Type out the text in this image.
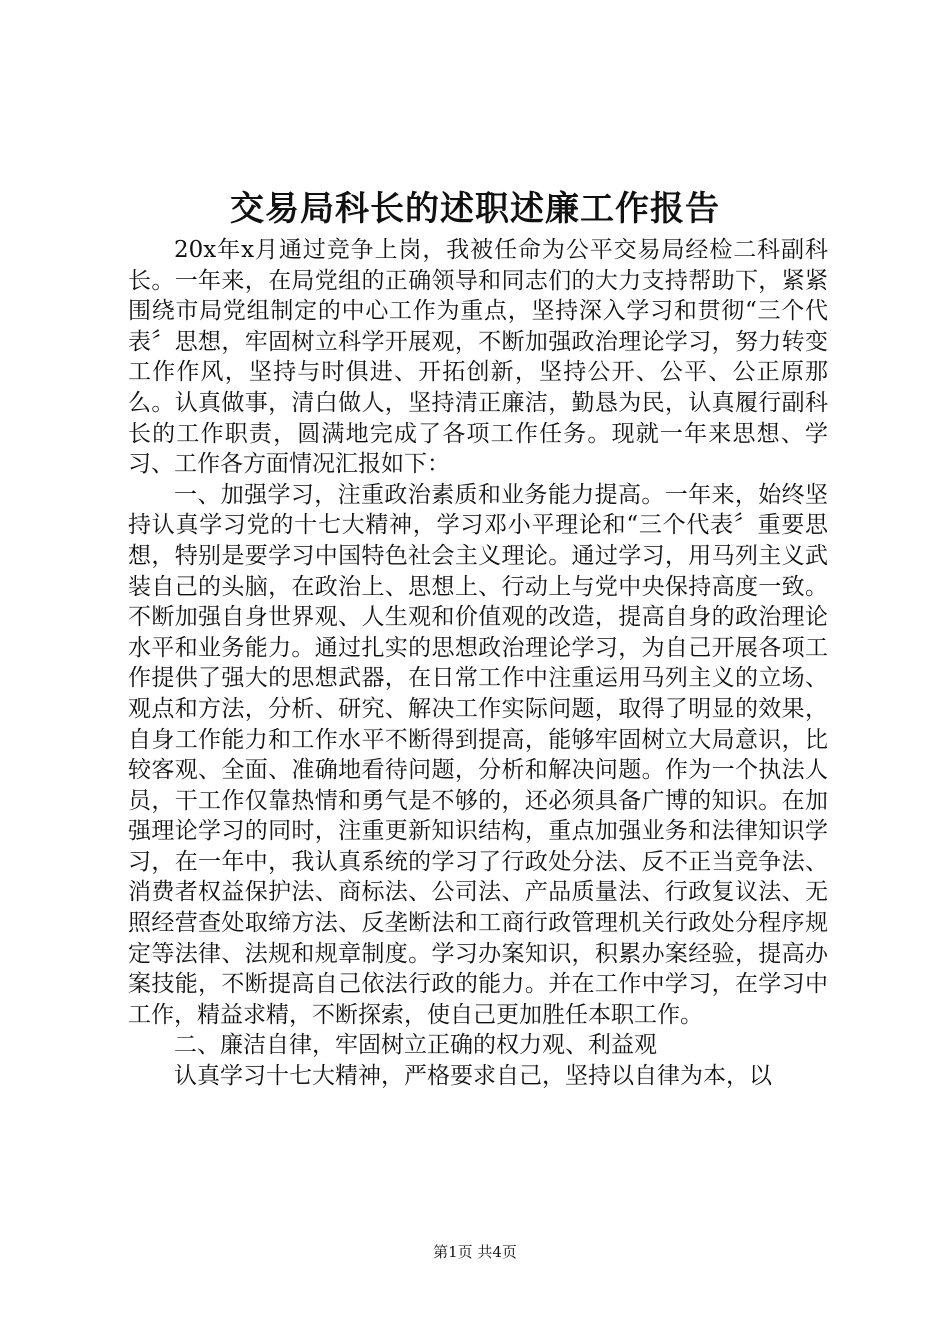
交易局科长的述职述廉工作报告

20x年x月通过竞争上岗，我被任命为公平交易局经检二科副科长。一年来，在局党组的正确领导和同志们的大力支持帮助下，紧紧围绕市局党组制定的中心工作为重点，坚持深入学习和贯彻“三个代表〞思想，牢固树立科学开展观，不断加强政治理论学习，努力转变工作作风，坚持与时俱进、开拓创新，坚持公开、公平、公正原那么。认真做事，清白做人，坚持清正廉洁，勤恳为民，认真履行副科长的工作职责，圆满地完成了各项工作任务。现就一年来思想、学习、工作各方面情况汇报如下：

一、加强学习，注重政治素质和业务能力提高。一年来，始终坚持认真学习党的十七大精神，学习邓小平理论和“三个代表〞重要思想，特别是要学习中国特色社会主义理论。通过学习，用马列主义武装自己的头脑，在政治上、思想上、行动上与党中央保持高度一致。不断加强自身世界观、人生观和价值观的改造，提高自身的政治理论水平和业务能力。通过扎实的思想政治理论学习，为自己开展各项工作提供了强大的思想武器，在日常工作中注重运用马列主义的立场、观点和方法，分析、研究、解决工作实际问题，取得了明显的效果，自身工作能力和工作水平不断得到提高，能够牢固树立大局意识，比较客观、全面、准确地看待问题，分析和解决问题。作为一个执法人员，干工作仅靠热情和勇气是不够的，还必须具备广博的知识。在加强理论学习的同时，注重更新知识结构，重点加强业务和法律知识学习，在一年中，我认真系统的学习了行政处分法、反不正当竞争法、消费者权益保护法、商标法、公司法、产品质量法、行政复议法、无照经营查处取缔方法、反垄断法和工商行政管理机关行政处分程序规定等法律、法规和规章制度。学习办案知识，积累办案经验，提高办案技能，不断提高自己依法行政的能力。并在工作中学习，在学习中工作，精益求精，不断探索，使自己更加胜任本职工作。

二、廉洁自律，牢固树立正确的权力观、利益观

认真学习十七大精神，严格要求自己，坚持以自律为本，以

第1页 共4页
